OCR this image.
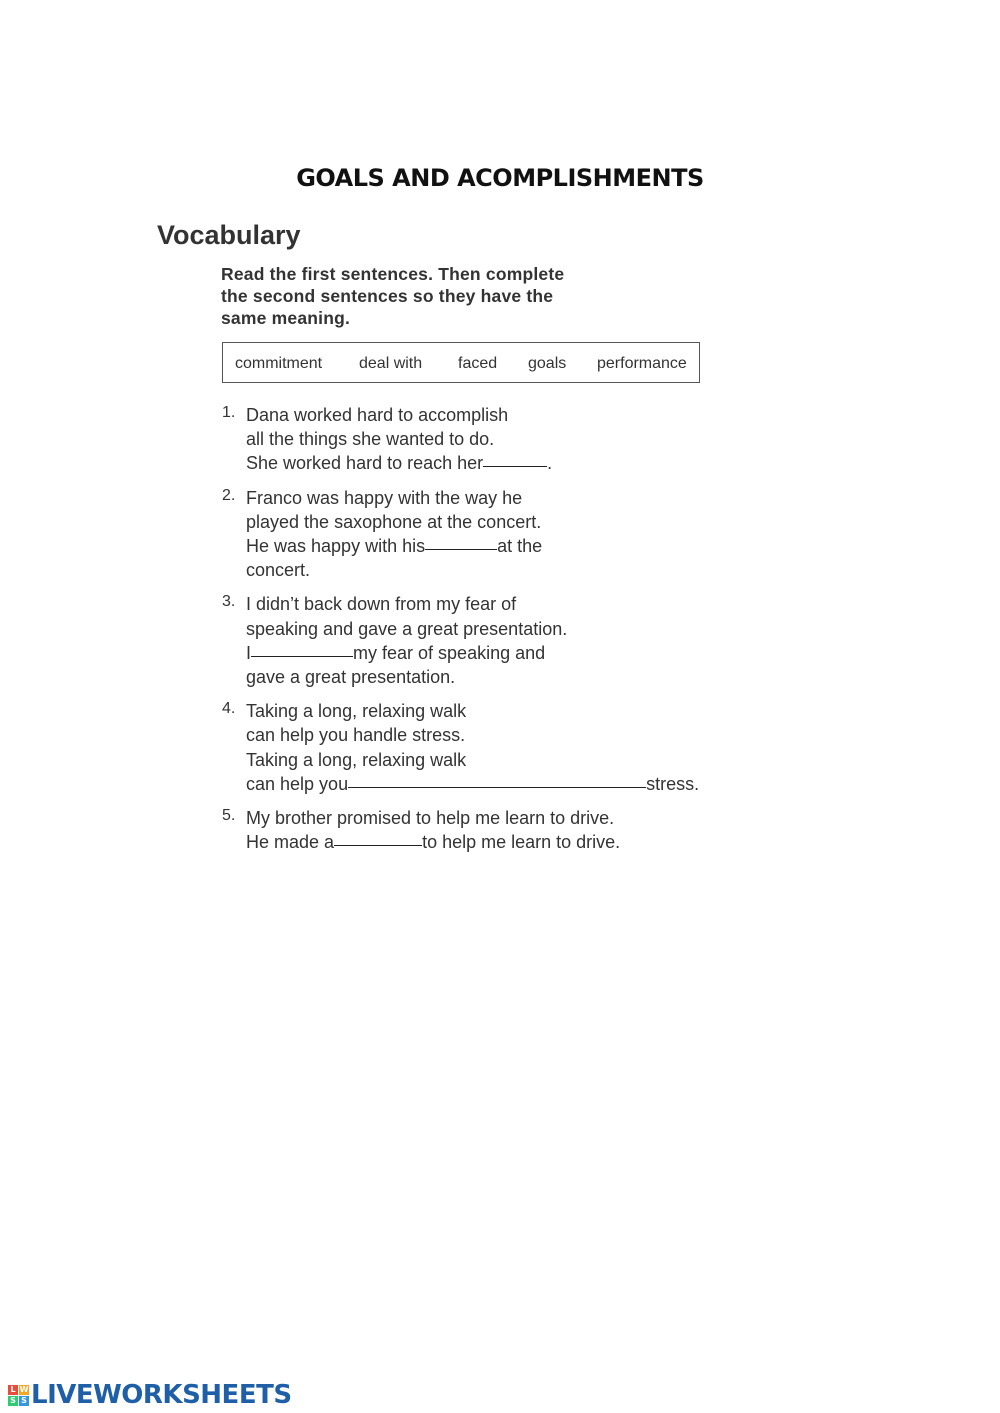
GOALS AND ACOMPLISHMENTS
Vocabulary
Read the first sentences. Then complete
the second sentences so they have the
same meaning.
commitment deal with faced goals performance
1. Dana worked hard to accomplish
all the things she wanted to do.
She worked hard to reach her	.
2. Franco was happy with the way he
played the saxophone at the concert.
He was happy with his	at the
concert.
3. I didn’t back down from my fear of
speaking and gave a great presentation.
I	my fear of speaking and
gave a great presentation.
4. Taking a long, relaxing walk
can help you handle stress.
Taking a long, relaxing walk
can help you	stress.
5. My brother promised to help me learn to drive.
He made a	to help me learn to drive.
L W
S S LIVEWORKSHEETS
